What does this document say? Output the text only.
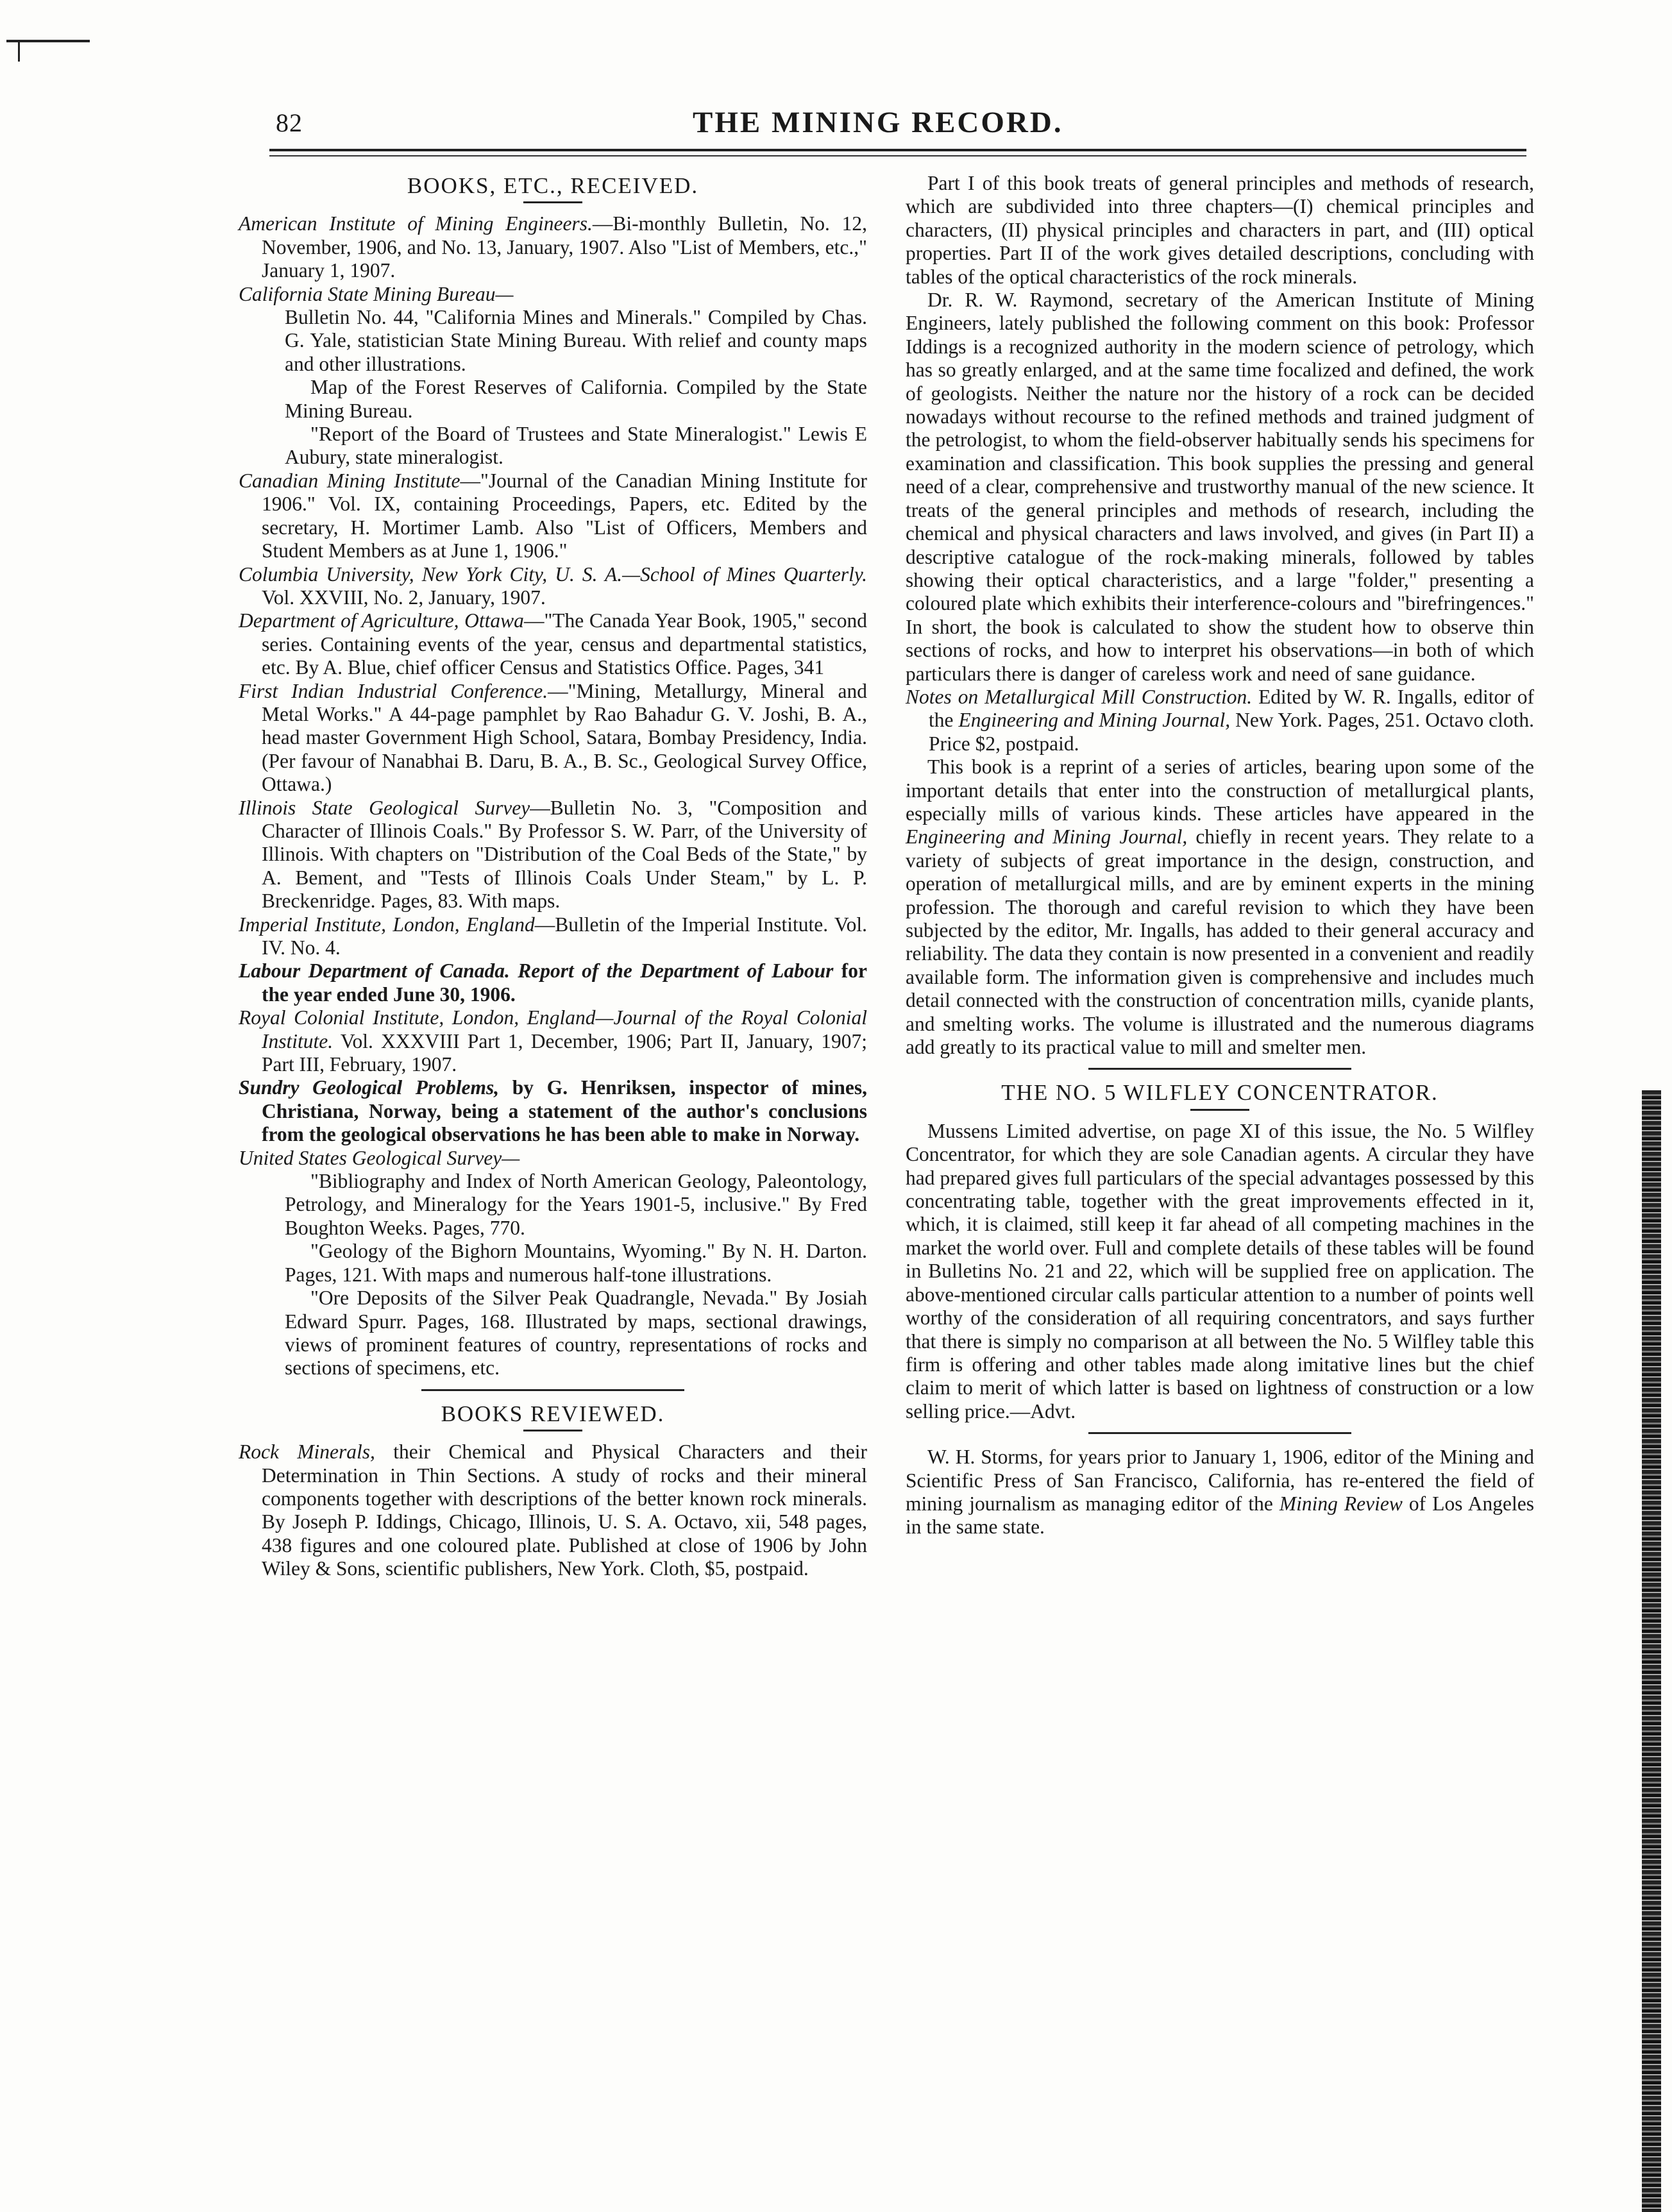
82	THE MINING RECORD.
BOOKS, ETC., RECEIVED.

American Institute of Mining Engineers.—Bi-monthly Bulletin, No. 12, November, 1906, and No. 13, January, 1907. Also "List of Members, etc.," January 1, 1907.

California State Mining Bureau—

Bulletin No. 44, "California Mines and Minerals." Compiled by Chas. G. Yale, statistician State Mining Bureau. With relief and county maps and other illustrations.

Map of the Forest Reserves of California. Compiled by the State Mining Bureau.

"Report of the Board of Trustees and State Mineralogist." Lewis E Aubury, state mineralogist.

Canadian Mining Institute—"Journal of the Canadian Mining Institute for 1906." Vol. IX, containing Proceedings, Papers, etc. Edited by the secretary, H. Mortimer Lamb. Also "List of Officers, Members and Student Members as at June 1, 1906."

Columbia University, New York City, U. S. A.—School of Mines Quarterly. Vol. XXVIII, No. 2, January, 1907.

Department of Agriculture, Ottawa—"The Canada Year Book, 1905," second series. Containing events of the year, census and departmental statistics, etc. By A. Blue, chief officer Census and Statistics Office. Pages, 341

First Indian Industrial Conference.—"Mining, Metallurgy, Mineral and Metal Works." A 44-page pamphlet by Rao Bahadur G. V. Joshi, B. A., head master Government High School, Satara, Bombay Presidency, India. (Per favour of Nanabhai B. Daru, B. A., B. Sc., Geological Survey Office, Ottawa.)

Illinois State Geological Survey—Bulletin No. 3, "Composition and Character of Illinois Coals." By Professor S. W. Parr, of the University of Illinois. With chapters on "Distribution of the Coal Beds of the State," by A. Bement, and "Tests of Illinois Coals Under Steam," by L. P. Breckenridge. Pages, 83. With maps.

Imperial Institute, London, England—Bulletin of the Imperial Institute. Vol. IV. No. 4.

Labour Department of Canada. Report of the Department of Labour for the year ended June 30, 1906.

Royal Colonial Institute, London, England—Journal of the Royal Colonial Institute. Vol. XXXVIII Part 1, December, 1906; Part II, January, 1907; Part III, February, 1907.

Sundry Geological Problems, by G. Henriksen, inspector of mines, Christiana, Norway, being a statement of the author's conclusions from the geological observations he has been able to make in Norway.

United States Geological Survey—

"Bibliography and Index of North American Geology, Paleontology, Petrology, and Mineralogy for the Years 1901-5, inclusive." By Fred Boughton Weeks. Pages, 770.

"Geology of the Bighorn Mountains, Wyoming." By N. H. Darton. Pages, 121. With maps and numerous half-tone illustrations.

"Ore Deposits of the Silver Peak Quadrangle, Nevada." By Josiah Edward Spurr. Pages, 168. Illustrated by maps, sectional drawings, views of prominent features of country, representations of rocks and sections of specimens, etc.

BOOKS REVIEWED.

Rock Minerals, their Chemical and Physical Characters and their Determination in Thin Sections. A study of rocks and their mineral components together with descriptions of the better known rock minerals. By Joseph P. Iddings, Chicago, Illinois, U. S. A. Octavo, xii, 548 pages, 438 figures and one coloured plate. Published at close of 1906 by John Wiley & Sons, scientific publishers, New York. Cloth, $5, postpaid.

Part I of this book treats of general principles and methods of research, which are subdivided into three chapters—(I) chemical principles and characters, (II) physical principles and characters in part, and (III) optical properties. Part II of the work gives detailed descriptions, concluding with tables of the optical characteristics of the rock minerals.

Dr. R. W. Raymond, secretary of the American Institute of Mining Engineers, lately published the following comment on this book: Professor Iddings is a recognized authority in the modern science of petrology, which has so greatly enlarged, and at the same time focalized and defined, the work of geologists. Neither the nature nor the history of a rock can be decided nowadays without recourse to the refined methods and trained judgment of the petrologist, to whom the field-observer habitually sends his specimens for examination and classification. This book supplies the pressing and general need of a clear, comprehensive and trustworthy manual of the new science. It treats of the general principles and methods of research, including the chemical and physical characters and laws involved, and gives (in Part II) a descriptive catalogue of the rock-making minerals, followed by tables showing their optical characteristics, and a large "folder," presenting a coloured plate which exhibits their interference-colours and "birefringences." In short, the book is calculated to show the student how to observe thin sections of rocks, and how to interpret his observations—in both of which particulars there is danger of careless work and need of sane guidance.

Notes on Metallurgical Mill Construction. Edited by W. R. Ingalls, editor of the Engineering and Mining Journal, New York. Pages, 251. Octavo cloth. Price $2, postpaid.

This book is a reprint of a series of articles, bearing upon some of the important details that enter into the construction of metallurgical plants, especially mills of various kinds. These articles have appeared in the Engineering and Mining Journal, chiefly in recent years. They relate to a variety of subjects of great importance in the design, construction, and operation of metallurgical mills, and are by eminent experts in the mining profession. The thorough and careful revision to which they have been subjected by the editor, Mr. Ingalls, has added to their general accuracy and reliability. The data they contain is now presented in a convenient and readily available form. The information given is comprehensive and includes much detail connected with the construction of concentration mills, cyanide plants, and smelting works. The volume is illustrated and the numerous diagrams add greatly to its practical value to mill and smelter men.

THE NO. 5 WILFLEY CONCENTRATOR.

Mussens Limited advertise, on page XI of this issue, the No. 5 Wilfley Concentrator, for which they are sole Canadian agents. A circular they have had prepared gives full particulars of the special advantages possessed by this concentrating table, together with the great improvements effected in it, which, it is claimed, still keep it far ahead of all competing machines in the market the world over. Full and complete details of these tables will be found in Bulletins No. 21 and 22, which will be supplied free on application. The above-mentioned circular calls particular attention to a number of points well worthy of the consideration of all requiring concentrators, and says further that there is simply no comparison at all between the No. 5 Wilfley table this firm is offering and other tables made along imitative lines but the chief claim to merit of which latter is based on lightness of construction or a low selling price.—Advt.

W. H. Storms, for years prior to January 1, 1906, editor of the Mining and Scientific Press of San Francisco, California, has re-entered the field of mining journalism as managing editor of the Mining Review of Los Angeles in the same state.
